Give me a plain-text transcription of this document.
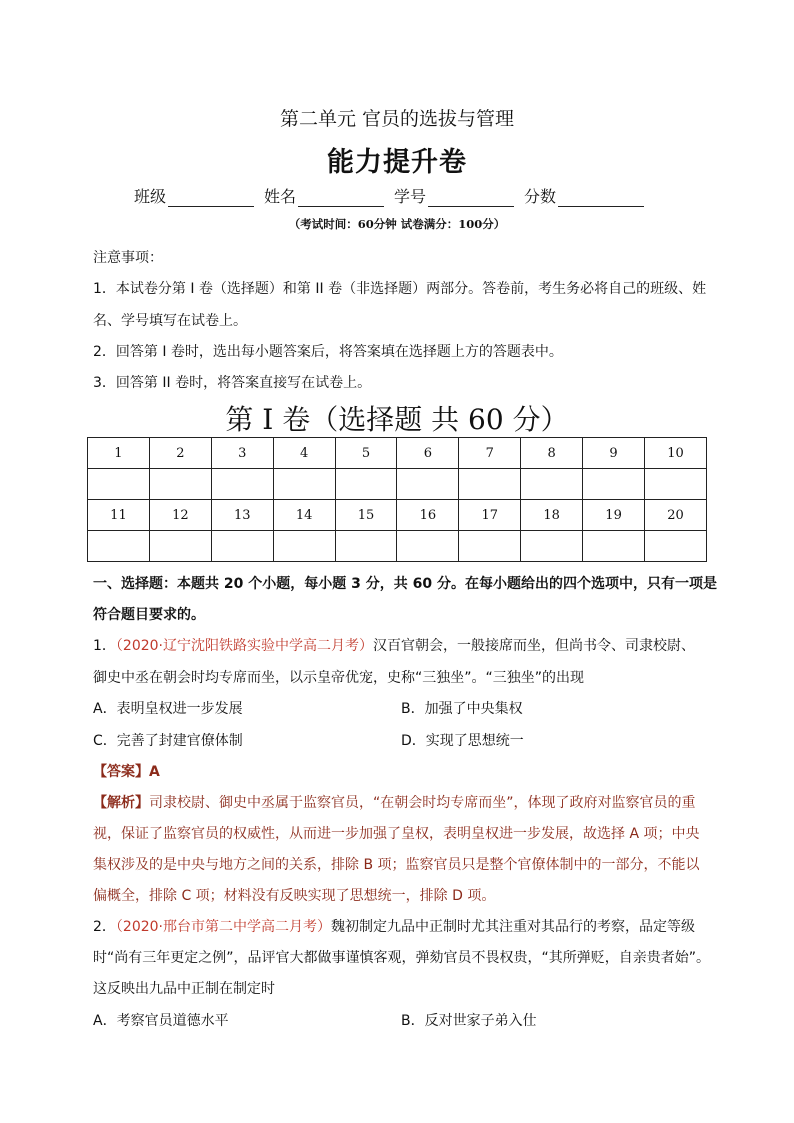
第二单元 官员的选拔与管理
能力提升卷
班级	姓名	学号	分数
（考试时间：60分钟 试卷满分：100分）
注意事项：
1．本试卷分第 I 卷（选择题）和第 II 卷（非选择题）两部分。答卷前，考生务必将自己的班级、姓
名、学号填写在试卷上。
2．回答第 I 卷时，选出每小题答案后，将答案填在选择题上方的答题表中。
3．回答第 II 卷时，将答案直接写在试卷上。
第 I 卷（选择题 共 60 分）
1	2	3	4	5	6	7	8	9	10

11	12	13	14	15	16	17	18	19	20

一、选择题：本题共 20 个小题，每小题 3 分，共 60 分。在每小题给出的四个选项中，只有一项是
符合题目要求的。
1．（2020·辽宁沈阳铁路实验中学高二月考）汉百官朝会，一般接席而坐，但尚书令、司隶校尉、
御史中丞在朝会时均专席而坐，以示皇帝优宠，史称“三独坐”。“三独坐”的出现
A．表明皇权进一步发展	B．加强了中央集权
C．完善了封建官僚体制	D．实现了思想统一
【答案】A
【解析】司隶校尉、御史中丞属于监察官员，“在朝会时均专席而坐”，体现了政府对监察官员的重
视，保证了监察官员的权威性，从而进一步加强了皇权，表明皇权进一步发展，故选择 A 项；中央
集权涉及的是中央与地方之间的关系，排除 B 项；监察官员只是整个官僚体制中的一部分，不能以
偏概全，排除 C 项；材料没有反映实现了思想统一，排除 D 项。
2．（2020·邢台市第二中学高二月考）魏初制定九品中正制时尤其注重对其品行的考察，品定等级
时“尚有三年更定之例”，品评官大都做事谨慎客观，弹劾官员不畏权贵，“其所弹贬，自亲贵者始”。
这反映出九品中正制在制定时
A．考察官员道德水平	B．反对世家子弟入仕
